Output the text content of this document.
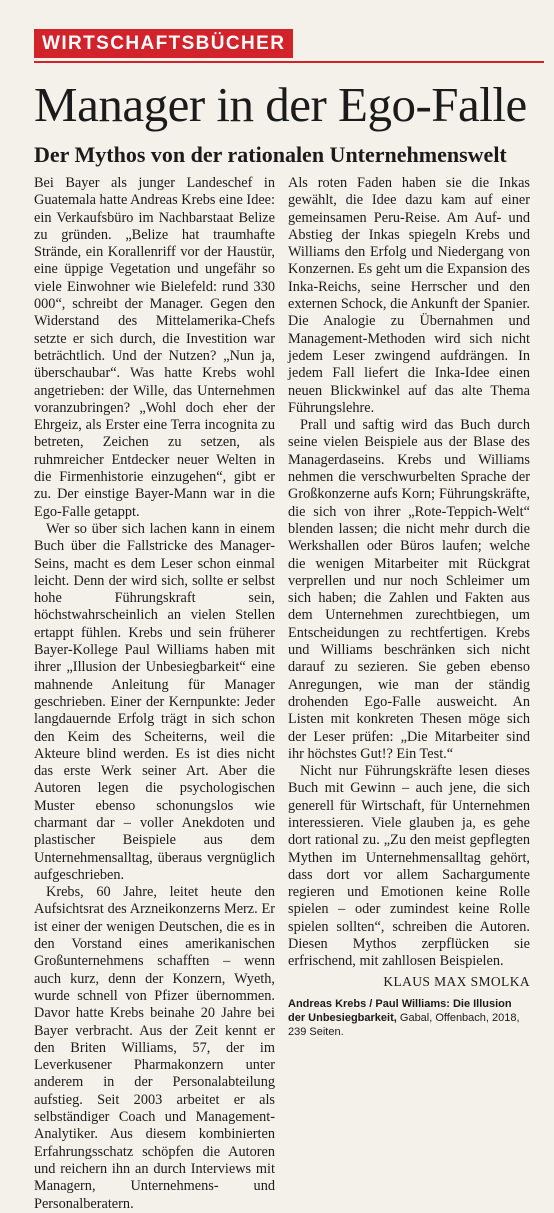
WIRTSCHAFTSBÜCHER
Manager in der Ego-Falle
Der Mythos von der rationalen Unternehmenswelt

Bei Bayer als junger Landeschef in Guatemala hatte Andreas Krebs eine Idee: ein Verkaufsbüro im Nachbarstaat Belize zu gründen. „Belize hat traumhafte Strände, ein Korallenriff vor der Haustür, eine üppige Vegetation und ungefähr so viele Einwohner wie Bielefeld: rund 330 000“, schreibt der Manager. Gegen den Widerstand des Mittelamerika-Chefs setzte er sich durch, die Investition war beträchtlich. Und der Nutzen? „Nun ja, überschaubar“. Was hatte Krebs wohl angetrieben: der Wille, das Unternehmen voranzubringen? „Wohl doch eher der Ehrgeiz, als Erster eine Terra incognita zu betreten, Zeichen zu setzen, als ruhmreicher Entdecker neuer Welten in die Firmenhistorie einzugehen“, gibt er zu. Der einstige Bayer-Mann war in die Ego-Falle getappt.

Wer so über sich lachen kann in einem Buch über die Fallstricke des Manager-Seins, macht es dem Leser schon einmal leicht. Denn der wird sich, sollte er selbst hohe Führungskraft sein, höchstwahrscheinlich an vielen Stellen ertappt fühlen. Krebs und sein früherer Bayer-Kollege Paul Williams haben mit ihrer „Illusion der Unbesiegbarkeit“ eine mahnende Anleitung für Manager geschrieben. Einer der Kernpunkte: Jeder langdauernde Erfolg trägt in sich schon den Keim des Scheiterns, weil die Akteure blind werden. Es ist dies nicht das erste Werk seiner Art. Aber die Autoren legen die psychologischen Muster ebenso schonungslos wie charmant dar – voller Anekdoten und plastischer Beispiele aus dem Unternehmensalltag, überaus vergnüglich aufgeschrieben.

Krebs, 60 Jahre, leitet heute den Aufsichtsrat des Arzneikonzerns Merz. Er ist einer der wenigen Deutschen, die es in den Vorstand eines amerikanischen Großunternehmens schafften – wenn auch kurz, denn der Konzern, Wyeth, wurde schnell von Pfizer übernommen. Davor hatte Krebs beinahe 20 Jahre bei Bayer verbracht. Aus der Zeit kennt er den Briten Williams, 57, der im Leverkusener Pharmakonzern unter anderem in der Personalabteilung aufstieg. Seit 2003 arbeitet er als selbständiger Coach und Management-Analytiker. Aus diesem kombinierten Erfahrungsschatz schöpfen die Autoren und reichern ihn an durch Interviews mit Managern, Unternehmens- und Personalberatern.

Als roten Faden haben sie die Inkas gewählt, die Idee dazu kam auf einer gemeinsamen Peru-Reise. Am Auf- und Abstieg der Inkas spiegeln Krebs und Williams den Erfolg und Niedergang von Konzernen. Es geht um die Expansion des Inka-Reichs, seine Herrscher und den externen Schock, die Ankunft der Spanier. Die Analogie zu Übernahmen und Management-Methoden wird sich nicht jedem Leser zwingend aufdrängen. In jedem Fall liefert die Inka-Idee einen neuen Blickwinkel auf das alte Thema Führungslehre.

Prall und saftig wird das Buch durch seine vielen Beispiele aus der Blase des Managerdaseins. Krebs und Williams nehmen die verschwurbelten Sprache der Großkonzerne aufs Korn; Führungskräfte, die sich von ihrer „Rote-Teppich-Welt“ blenden lassen; die nicht mehr durch die Werkshallen oder Büros laufen; welche die wenigen Mitarbeiter mit Rückgrat verprellen und nur noch Schleimer um sich haben; die Zahlen und Fakten aus dem Unternehmen zurechtbiegen, um Entscheidungen zu rechtfertigen. Krebs und Williams beschränken sich nicht darauf zu sezieren. Sie geben ebenso Anregungen, wie man der ständig drohenden Ego-Falle ausweicht. An Listen mit konkreten Thesen möge sich der Leser prüfen: „Die Mitarbeiter sind ihr höchstes Gut!? Ein Test.“

Nicht nur Führungskräfte lesen dieses Buch mit Gewinn – auch jene, die sich generell für Wirtschaft, für Unternehmen interessieren. Viele glauben ja, es gehe dort rational zu. „Zu den meist gepflegten Mythen im Unternehmensalltag gehört, dass dort vor allem Sachargumente regieren und Emotionen keine Rolle spielen – oder zumindest keine Rolle spielen sollten“, schreiben die Autoren. Diesen Mythos zerpflücken sie erfrischend, mit zahllosen Beispielen.

KLAUS MAX SMOLKA
Andreas Krebs / Paul Williams: Die Illusion der Unbesiegbarkeit, Gabal, Offenbach, 2018, 239 Seiten.
